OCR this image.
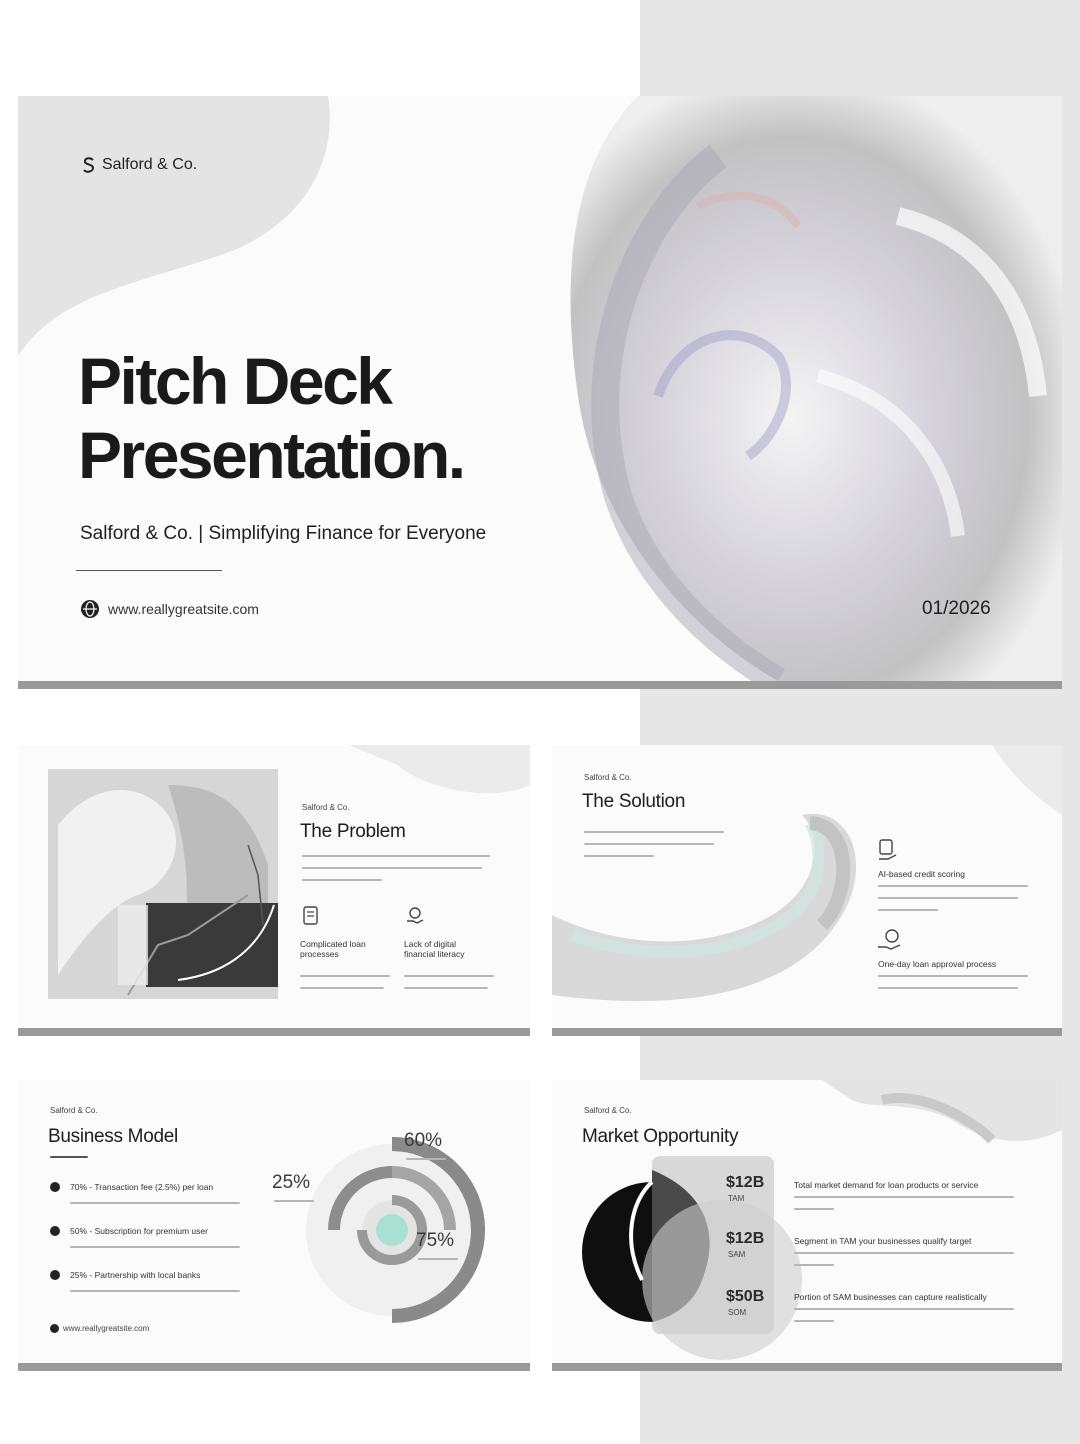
Salford & Co.
Pitch Deck
Presentation.
Salford & Co. | Simplifying Finance for Everyone
www.reallygreatsite.com	01/2026
Salford & Co.
The Problem
Complicated loan
processes
Lack of digital
financial literacy
Salford & Co.
The Solution
AI-based credit scoring
One-day loan approval process
Salford & Co.
Business Model
70% - Transaction fee (2.5%) per loan
50% - Subscription for premium user
25% - Partnership with local banks
www.reallygreatsite.com
60%
25%
75%
Salford & Co.
Market Opportunity
$12B
TAM
$12B
SAM
$50B
SOM
Total market demand for loan products or service
Segment in TAM your businesses qualify target
Portion of SAM businesses can capture realistically
